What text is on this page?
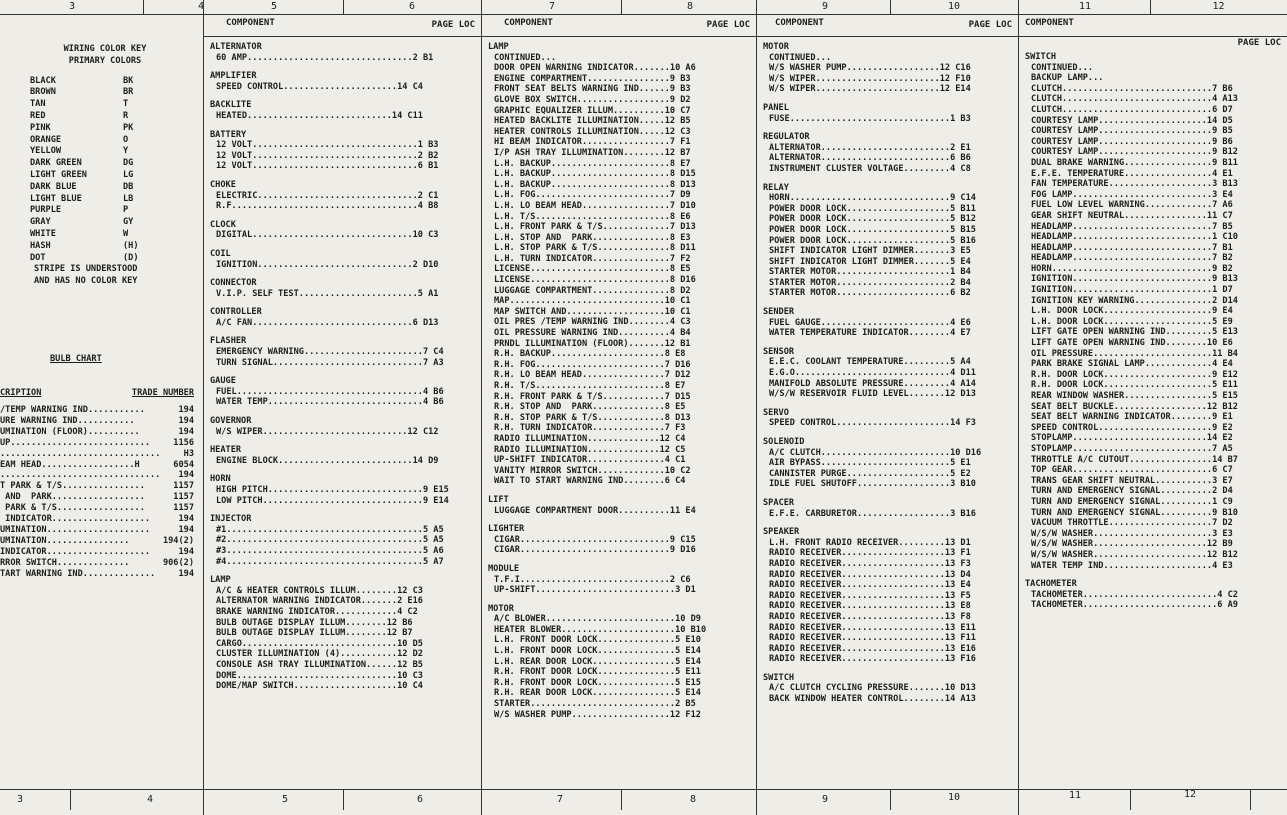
3	4	5	6	7	8	9	10	11	12
WIRING COLOR KEY
PRIMARY COLORS
BLACK	BK
BROWN	BR
TAN	T
RED	R
PINK	PK
ORANGE	O
YELLOW	Y
DARK GREEN	DG
LIGHT GREEN	LG
DARK BLUE	DB
LIGHT BLUE	LB
PURPLE	P
GRAY	GY
WHITE	W
HASH	(H)
DOT	(D)
STRIPE IS UNDERSTOOD
AND HAS NO COLOR KEY
BULB CHART
CRIPTION	TRADE NUMBER
/TEMP WARNING IND...........	194
URE WARNING IND...........	194
UMINATION (FLOOR)..........	194
UP...........................	1156
...............................	H3
EAM HEAD..................H	6054
............................... 194
T PARK & T/S................	1157
AND  PARK..................	1157
PARK & T/S.................	1157
INDICATOR...................	194
UMINATION....................	194
UMINATION................	194(2)
INDICATOR....................	194
RROR SWITCH..............	906(2)
TART WARNING IND..............	194
COMPONENT	PAGE LOC
ALTERNATOR
60 AMP................................2 B1
AMPLIFIER
SPEED CONTROL......................14 C4
BACKLITE
HEATED............................14 C11
BATTERY
12 VOLT................................1 B3
12 VOLT................................2 B2
12 VOLT................................6 B1
CHOKE
ELECTRIC...............................2 C1
R.F....................................4 B8
CLOCK
DIGITAL...............................10 C3
COIL
IGNITION..............................2 D10
CONNECTOR
V.I.P. SELF TEST.......................5 A1
CONTROLLER
A/C FAN...............................6 D13
FLASHER
EMERGENCY WARNING.......................7 C4
TURN SIGNAL.............................7 A3
GAUGE
FUEL....................................4 B6
WATER TEMP..............................4 B6
GOVERNOR
W/S WIPER............................12 C12
HEATER
ENGINE BLOCK..........................14 D9
HORN
HIGH PITCH..............................9 E15
LOW PITCH...............................9 E14
INJECTOR
#1......................................5 A5
#2......................................5 A5
#3......................................5 A6
#4......................................5 A7
LAMP
A/C & HEATER CONTROLS ILLUM........12 C3
ALTERNATOR WARNING INDICATOR.......2 E16
BRAKE WARNING INDICATOR............4 C2
BULB OUTAGE DISPLAY ILLUM........12 B6
BULB OUTAGE DISPLAY ILLUM........12 B7
CARGO..............................10 D5
CLUSTER ILLUMINATION (4)...........12 D2
CONSOLE ASH TRAY ILLUMINATION......12 B5
DOME...............................10 C3
DOME/MAP SWITCH....................10 C4
COMPONENT	PAGE LOC
LAMP
CONTINUED...
DOOR OPEN WARNING INDICATOR.......10 A6
ENGINE COMPARTMENT................9 B3
FRONT SEAT BELTS WARNING IND......9 B3
GLOVE BOX SWITCH..................9 D2
GRAPHIC EQUALIZER ILLUM..........10 C7
HEATED BACKLITE ILLUMINATION.....12 B5
HEATER CONTROLS ILLUMINATION.....12 C3
HI BEAM INDICATOR.................7 F1
I/P ASH TRAY ILLUMINATION........12 B7
L.H. BACKUP.......................8 E7
L.H. BACKUP.......................8 D15
L.H. BACKUP.......................8 D13
L.H. FOG..........................7 D9
L.H. LO BEAM HEAD.................7 D10
L.H. T/S..........................8 E6
L.H. FRONT PARK & T/S.............7 D13
L.H. STOP AND  PARK...............8 E3
L.H. STOP PARK & T/S..............8 D11
L.H. TURN INDICATOR...............7 F2
LICENSE...........................8 E5
LICENSE...........................8 D16
LUGGAGE COMPARTMENT...............8 D2
MAP..............................10 C1
MAP SWITCH AND...................10 C1
OIL PRES /TEMP WARNING IND........4 C3
OIL PRESSURE WARNING IND..........4 B4
PRNDL ILLUMINATION (FLOOR).......12 B1
R.H. BACKUP......................8 E8
R.H. FOG.........................7 D16
R.H. LO BEAM HEAD................7 D12
R.H. T/S.........................8 E7
R.H. FRONT PARK & T/S............7 D15
R.H. STOP AND  PARK..............8 E5
R.H. STOP PARK & T/S.............8 D13
R.H. TURN INDICATOR..............7 F3
RADIO ILLUMINATION..............12 C4
RADIO ILLUMINATION..............12 C5
UP-SHIFT INDICATOR...............4 C1
VANITY MIRROR SWITCH.............10 C2
WAIT TO START WARNING IND........6 C4
LIFT
LUGGAGE COMPARTMENT DOOR..........11 E4
LIGHTER
CIGAR.............................9 C15
CIGAR.............................9 D16
MODULE
T.F.I.............................2 C6
UP-SHIFT...........................3 D1
MOTOR
A/C BLOWER.........................10 D9
HEATER BLOWER......................10 B10
L.H. FRONT DOOR LOCK...............5 E10
L.H. FRONT DOOR LOCK...............5 E14
L.H. REAR DOOR LOCK................5 E14
R.H. FRONT DOOR LOCK...............5 E11
R.H. FRONT DOOR LOCK...............5 E15
R.H. REAR DOOR LOCK................5 E14
STARTER............................2 B5
W/S WASHER PUMP...................12 F12
COMPONENT	PAGE LOC
MOTOR
CONTINUED...
W/S WASHER PUMP..................12 C16
W/S WIPER........................12 F10
W/S WIPER........................12 E14
PANEL
FUSE...............................1 B3
REGULATOR
ALTERNATOR.........................2 E1
ALTERNATOR.........................6 B6
INSTRUMENT CLUSTER VOLTAGE.........4 C8
RELAY
HORN...............................9 C14
POWER DOOR LOCK....................5 B11
POWER DOOR LOCK....................5 B12
POWER DOOR LOCK....................5 B15
POWER DOOR LOCK....................5 B16
SHIFT INDICATOR LIGHT DIMMER.......3 E5
SHIFT INDICATOR LIGHT DIMMER.......5 E4
STARTER MOTOR......................1 B4
STARTER MOTOR......................2 B4
STARTER MOTOR......................6 B2
SENDER
FUEL GAUGE.........................4 E6
WATER TEMPERATURE INDICATOR........4 E7
SENSOR
E.E.C. COOLANT TEMPERATURE.........5 A4
E.G.O..............................4 D11
MANIFOLD ABSOLUTE PRESSURE.........4 A14
W/S/W RESERVOIR FLUID LEVEL.......12 D13
SERVO
SPEED CONTROL......................14 F3
SOLENOID
A/C CLUTCH.........................10 D16
AIR BYPASS.........................5 E1
CANNISTER PURGE....................5 E2
IDLE FUEL SHUTOFF..................3 B10
SPACER
E.F.E. CARBURETOR..................3 B16
SPEAKER
L.H. FRONT RADIO RECEIVER.........13 D1
RADIO RECEIVER....................13 F1
RADIO RECEIVER....................13 F3
RADIO RECEIVER....................13 D4
RADIO RECEIVER....................13 E4
RADIO RECEIVER....................13 F5
RADIO RECEIVER....................13 E8
RADIO RECEIVER....................13 F8
RADIO RECEIVER....................13 E11
RADIO RECEIVER....................13 F11
RADIO RECEIVER....................13 E16
RADIO RECEIVER....................13 F16
SWITCH
A/C CLUTCH CYCLING PRESSURE.......10 D13
BACK WINDOW HEATER CONTROL........14 A13
COMPONENT
PAGE LOC
SWITCH
CONTINUED...
BACKUP LAMP...
CLUTCH.............................7 B6
CLUTCH.............................4 A13
CLUTCH.............................6 D7
COURTESY LAMP.....................14 D5
COURTESY LAMP......................9 B5
COURTESY LAMP......................9 B6
COURTESY LAMP......................9 B12
DUAL BRAKE WARNING.................9 B11
E.F.E. TEMPERATURE.................4 E1
FAN TEMPERATURE....................3 B13
FOG LAMP...........................3 E4
FUEL LOW LEVEL WARNING.............7 A6
GEAR SHIFT NEUTRAL................11 C7
HEADLAMP...........................7 B5
HEADLAMP...........................1 C10
HEADLAMP...........................7 B1
HEADLAMP...........................7 B2
HORN...............................9 B2
IGNITION...........................9 B13
IGNITION...........................1 D7
IGNITION KEY WARNING...............2 D14
L.H. DOOR LOCK.....................9 E4
L.H. DOOR LOCK.....................5 E9
LIFT GATE OPEN WARNING IND.........5 E13
LIFT GATE OPEN WARNING IND........10 E6
OIL PRESSURE.......................11 B4
PARK BRAKE SIGNAL LAMP.............4 E4
R.H. DOOR LOCK.....................9 E12
R.H. DOOR LOCK.....................5 E11
REAR WINDOW WASHER.................5 E15
SEAT BELT BUCKLE..................12 B12
SEAT BELT WARNING INDICATOR........9 E1
SPEED CONTROL......................9 E2
STOPLAMP..........................14 E2
STOPLAMP...........................7 A5
THROTTLE A/C CUTOUT................14 B7
TOP GEAR...........................6 C7
TRANS GEAR SHIFT NEUTRAL...........3 E7
TURN AND EMERGENCY SIGNAL..........2 D4
TURN AND EMERGENCY SIGNAL..........1 C9
TURN AND EMERGENCY SIGNAL..........9 B10
VACUUM THROTTLE....................7 D2
W/S/W WASHER.......................3 E3
W/S/W WASHER......................12 B9
W/S/W WASHER......................12 B12
WATER TEMP IND.....................4 E3
TACHOMETER
TACHOMETER..........................4 C2
TACHOMETER..........................6 A9
3	4	5	6	7	8	9	10	11	12
